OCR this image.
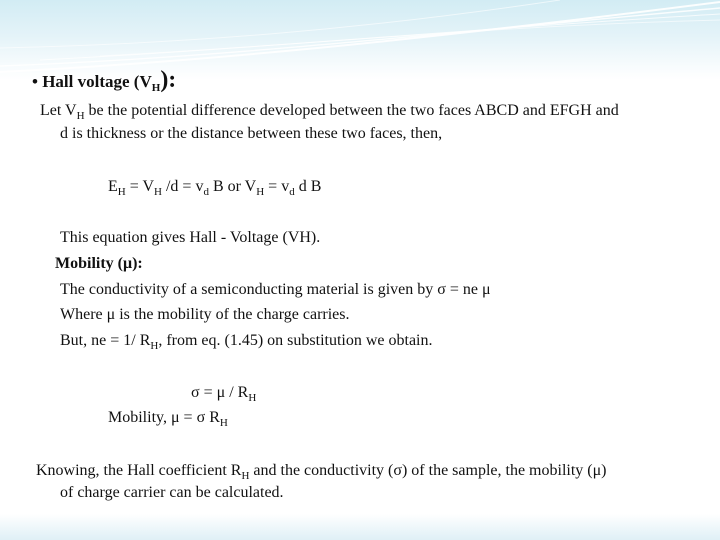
• Hall voltage $(V_H)$:
Let $V_H$ be the potential difference developed between the two faces ABCD and EFGH and
d is thickness or the distance between these two faces, then,
$E_H = V_H$ $/d = v_d$ B or $V_H = v_d$ d B
This equation gives Hall - Voltage (VH).
Mobility (μ):
The conductivity of a semiconducting material is given by σ = ne μ
Where μ is the mobility of the charge carries.
But, ne = 1/ $R_H$, from eq. (1.45) on substitution we obtain.
$\sigma = \mu / R_H$
Mobility, μ = σ $R_H$
Knowing, the Hall coefficient $R_H$ and the conductivity (σ) of the sample, the mobility (μ)
of charge carrier can be calculated.
